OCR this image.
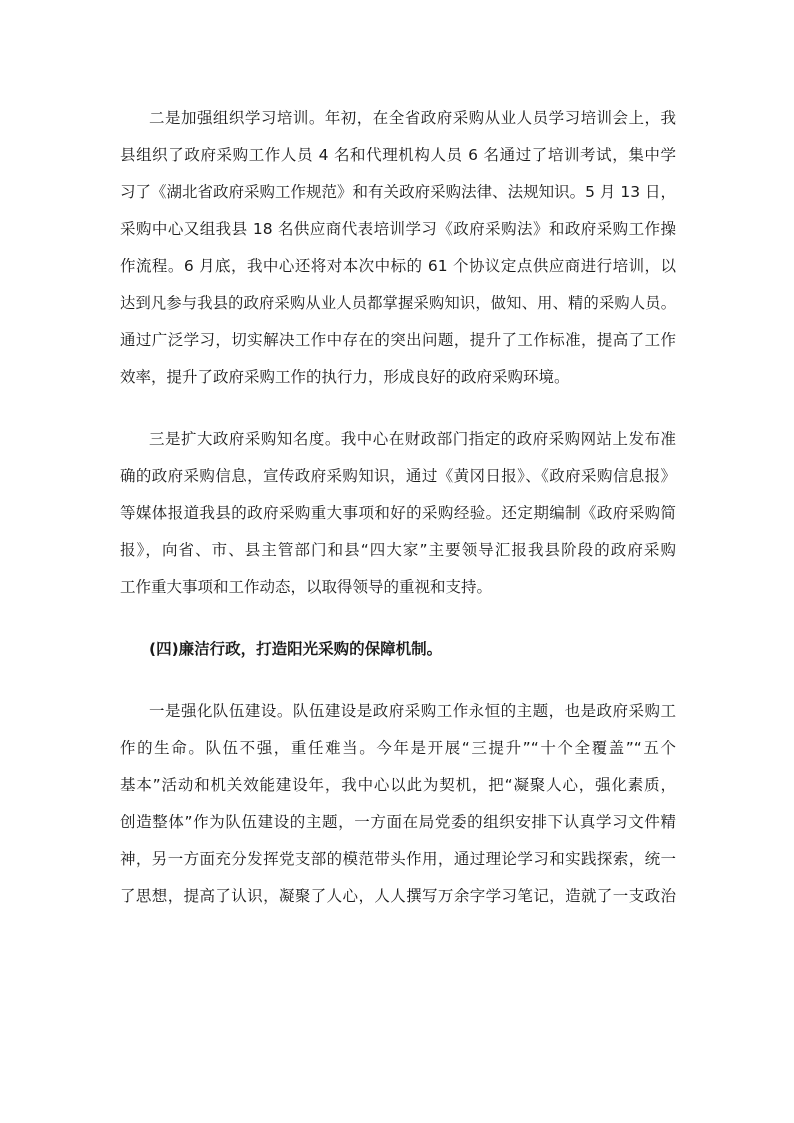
二是加强组织学习培训。年初，在全省政府采购从业人员学习培训会上，我
县组织了政府采购工作人员 4 名和代理机构人员 6 名通过了培训考试，集中学
习了《湖北省政府采购工作规范》和有关政府采购法律、法规知识。5 月 13 日，
采购中心又组我县 18 名供应商代表培训学习《政府采购法》和政府采购工作操
作流程。6 月底，我中心还将对本次中标的 61 个协议定点供应商进行培训，以
达到凡参与我县的政府采购从业人员都掌握采购知识，做知、用、精的采购人员。
通过广泛学习，切实解决工作中存在的突出问题，提升了工作标准，提高了工作
效率，提升了政府采购工作的执行力，形成良好的政府采购环境。
三是扩大政府采购知名度。我中心在财政部门指定的政府采购网站上发布准
确的政府采购信息，宣传政府采购知识，通过《黄冈日报》、《政府采购信息报》
等媒体报道我县的政府采购重大事项和好的采购经验。还定期编制《政府采购简
报》，向省、市、县主管部门和县“四大家”主要领导汇报我县阶段的政府采购
工作重大事项和工作动态，以取得领导的重视和支持。
(四)廉洁行政，打造阳光采购的保障机制。
一是强化队伍建设。队伍建设是政府采购工作永恒的主题，也是政府采购工
作的生命。队伍不强，重任难当。今年是开展“三提升”“十个全覆盖”“五个
基本”活动和机关效能建设年，我中心以此为契机，把“凝聚人心，强化素质，
创造整体”作为队伍建设的主题，一方面在局党委的组织安排下认真学习文件精
神，另一方面充分发挥党支部的模范带头作用，通过理论学习和实践探索，统一
了思想，提高了认识，凝聚了人心，人人撰写万余字学习笔记，造就了一支政治
